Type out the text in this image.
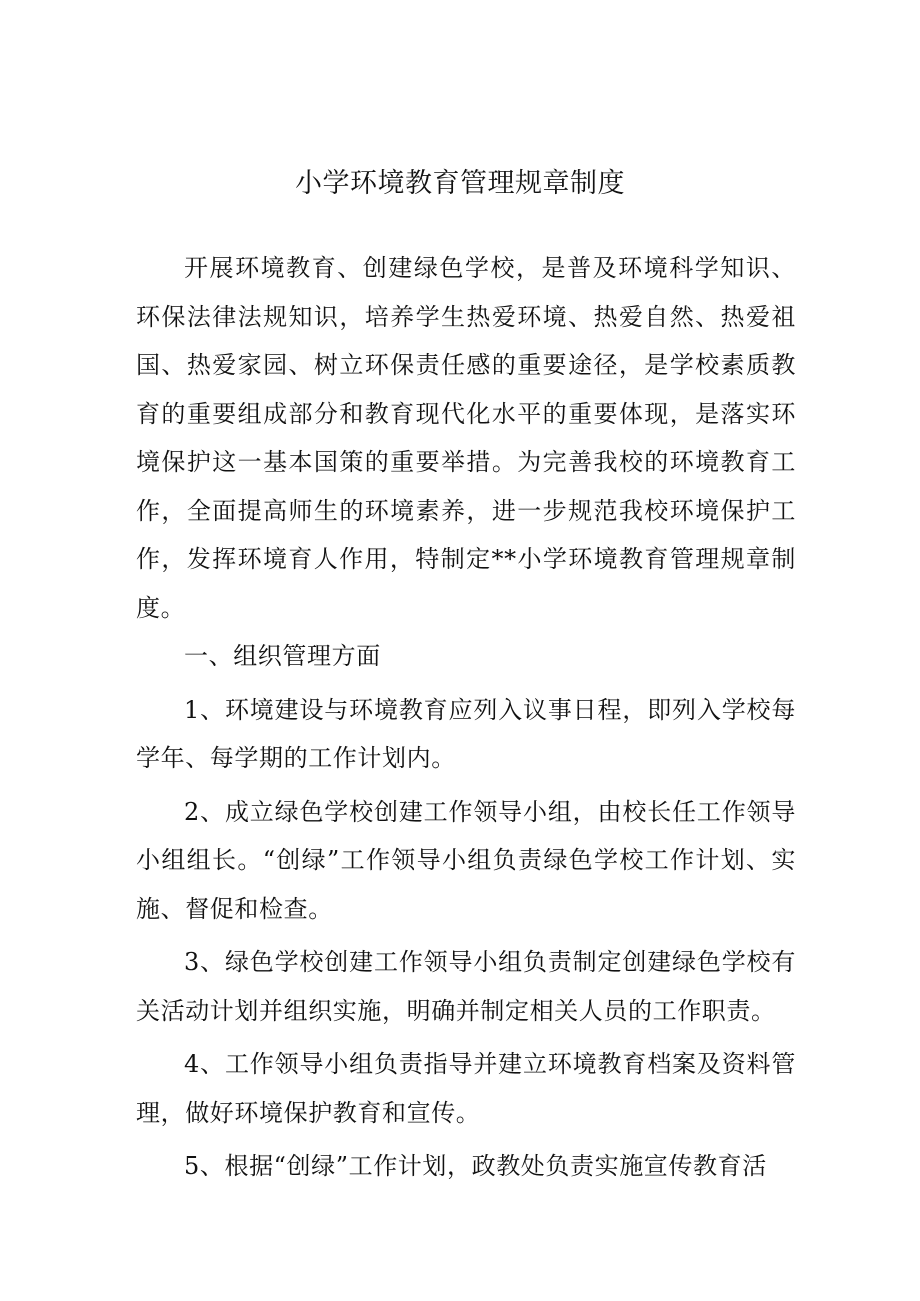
小学环境教育管理规章制度

开展环境教育、创建绿色学校，是普及环境科学知识、环保法律法规知识，培养学生热爱环境、热爱自然、热爱祖国、热爱家园、树立环保责任感的重要途径，是学校素质教育的重要组成部分和教育现代化水平的重要体现，是落实环境保护这一基本国策的重要举措。为完善我校的环境教育工作，全面提高师生的环境素养，进一步规范我校环境保护工作，发挥环境育人作用，特制定**小学环境教育管理规章制度。

一、组织管理方面

1、环境建设与环境教育应列入议事日程，即列入学校每学年、每学期的工作计划内。

2、成立绿色学校创建工作领导小组，由校长任工作领导小组组长。“创绿”工作领导小组负责绿色学校工作计划、实施、督促和检查。

3、绿色学校创建工作领导小组负责制定创建绿色学校有关活动计划并组织实施，明确并制定相关人员的工作职责。

4、工作领导小组负责指导并建立环境教育档案及资料管理，做好环境保护教育和宣传。

5、根据“创绿”工作计划，政教处负责实施宣传教育活
